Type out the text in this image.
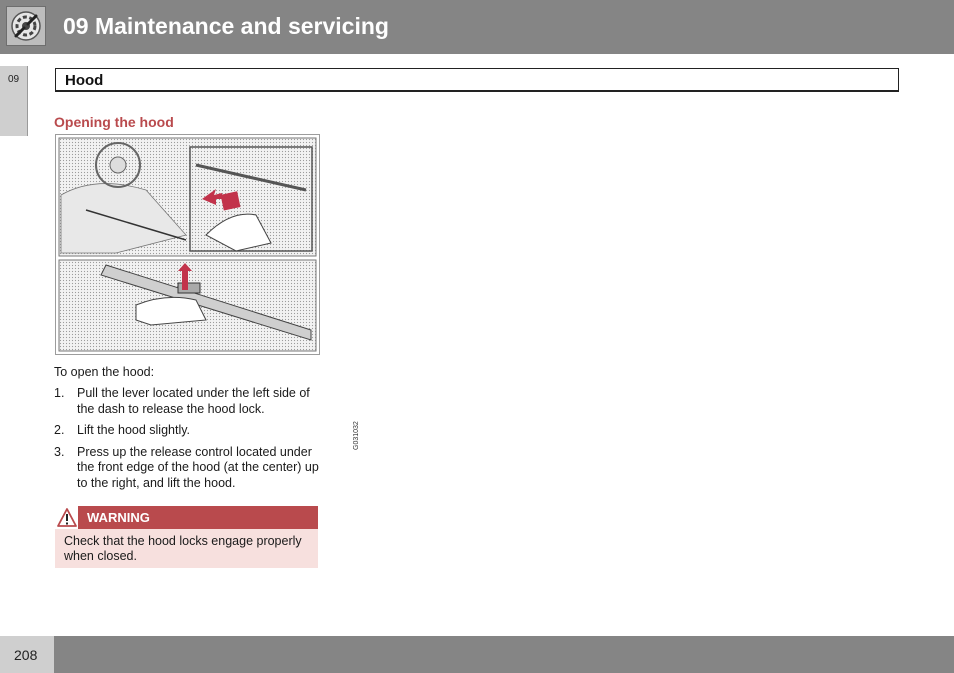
09 Maintenance and servicing
09	Hood
Opening the hood
G031032
To open the hood:
1. Pull the lever located under the left side of the dash to release the hood lock.
2. Lift the hood slightly.
3. Press up the release control located under the front edge of the hood (at the center) up to the right, and lift the hood.
WARNING
Check that the hood locks engage properly when closed.
208
